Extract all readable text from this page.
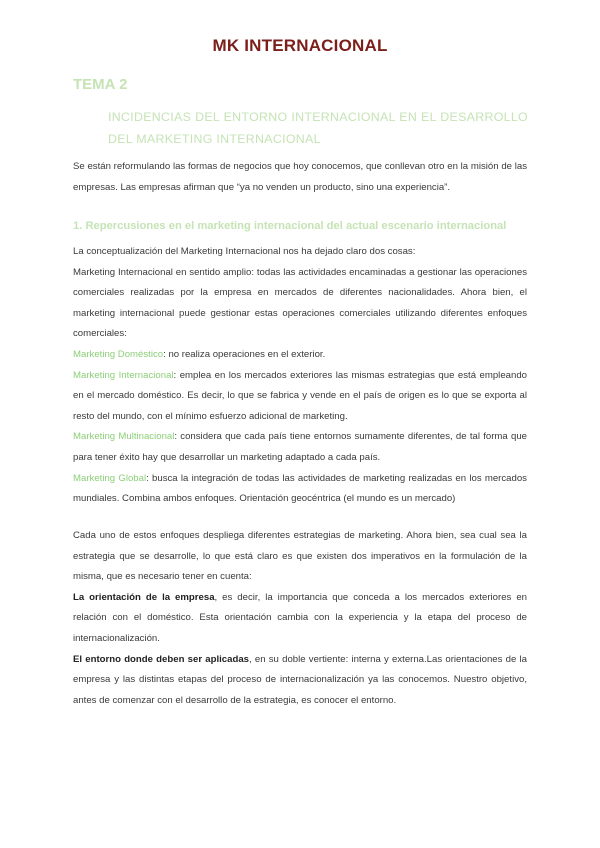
MK INTERNACIONAL
TEMA 2
INCIDENCIAS DEL ENTORNO INTERNACIONAL EN EL DESARROLLO DEL MARKETING INTERNACIONAL

Se están reformulando las formas de negocios que hoy conocemos, que conllevan otro en la misión de las empresas. Las empresas afirman que “ya no venden un producto, sino una experiencia”.

1. Repercusiones en el marketing internacional del actual escenario internacional
La conceptualización del Marketing Internacional nos ha dejado claro dos cosas:
Marketing Internacional en sentido amplio: todas las actividades encaminadas a gestionar las operaciones comerciales realizadas por la empresa en mercados de diferentes nacionalidades. Ahora bien, el marketing internacional puede gestionar estas operaciones comerciales utilizando diferentes enfoques comerciales:
Marketing Doméstico: no realiza operaciones en el exterior.
Marketing Internacional: emplea en los mercados exteriores las mismas estrategias que está empleando en el mercado doméstico. Es decir, lo que se fabrica y vende en el país de origen es lo que se exporta al resto del mundo, con el mínimo esfuerzo adicional de marketing.
Marketing Multinacional: considera que cada país tiene entornos sumamente diferentes, de tal forma que para tener éxito hay que desarrollar un marketing adaptado a cada país.
Marketing Global: busca la integración de todas las actividades de marketing realizadas en los mercados mundiales. Combina ambos enfoques. Orientación geocéntrica (el mundo es un mercado)
Cada uno de estos enfoques despliega diferentes estrategias de marketing. Ahora bien, sea cual sea la estrategia que se desarrolle, lo que está claro es que existen dos imperativos en la formulación de la misma, que es necesario tener en cuenta:
La orientación de la empresa, es decir, la importancia que conceda a los mercados exteriores en relación con el doméstico. Esta orientación cambia con la experiencia y la etapa del proceso de internacionalización.
El entorno donde deben ser aplicadas, en su doble vertiente: interna y externa.Las orientaciones de la empresa y las distintas etapas del proceso de internacionalización ya las conocemos. Nuestro objetivo, antes de comenzar con el desarrollo de la estrategia, es conocer el entorno.
